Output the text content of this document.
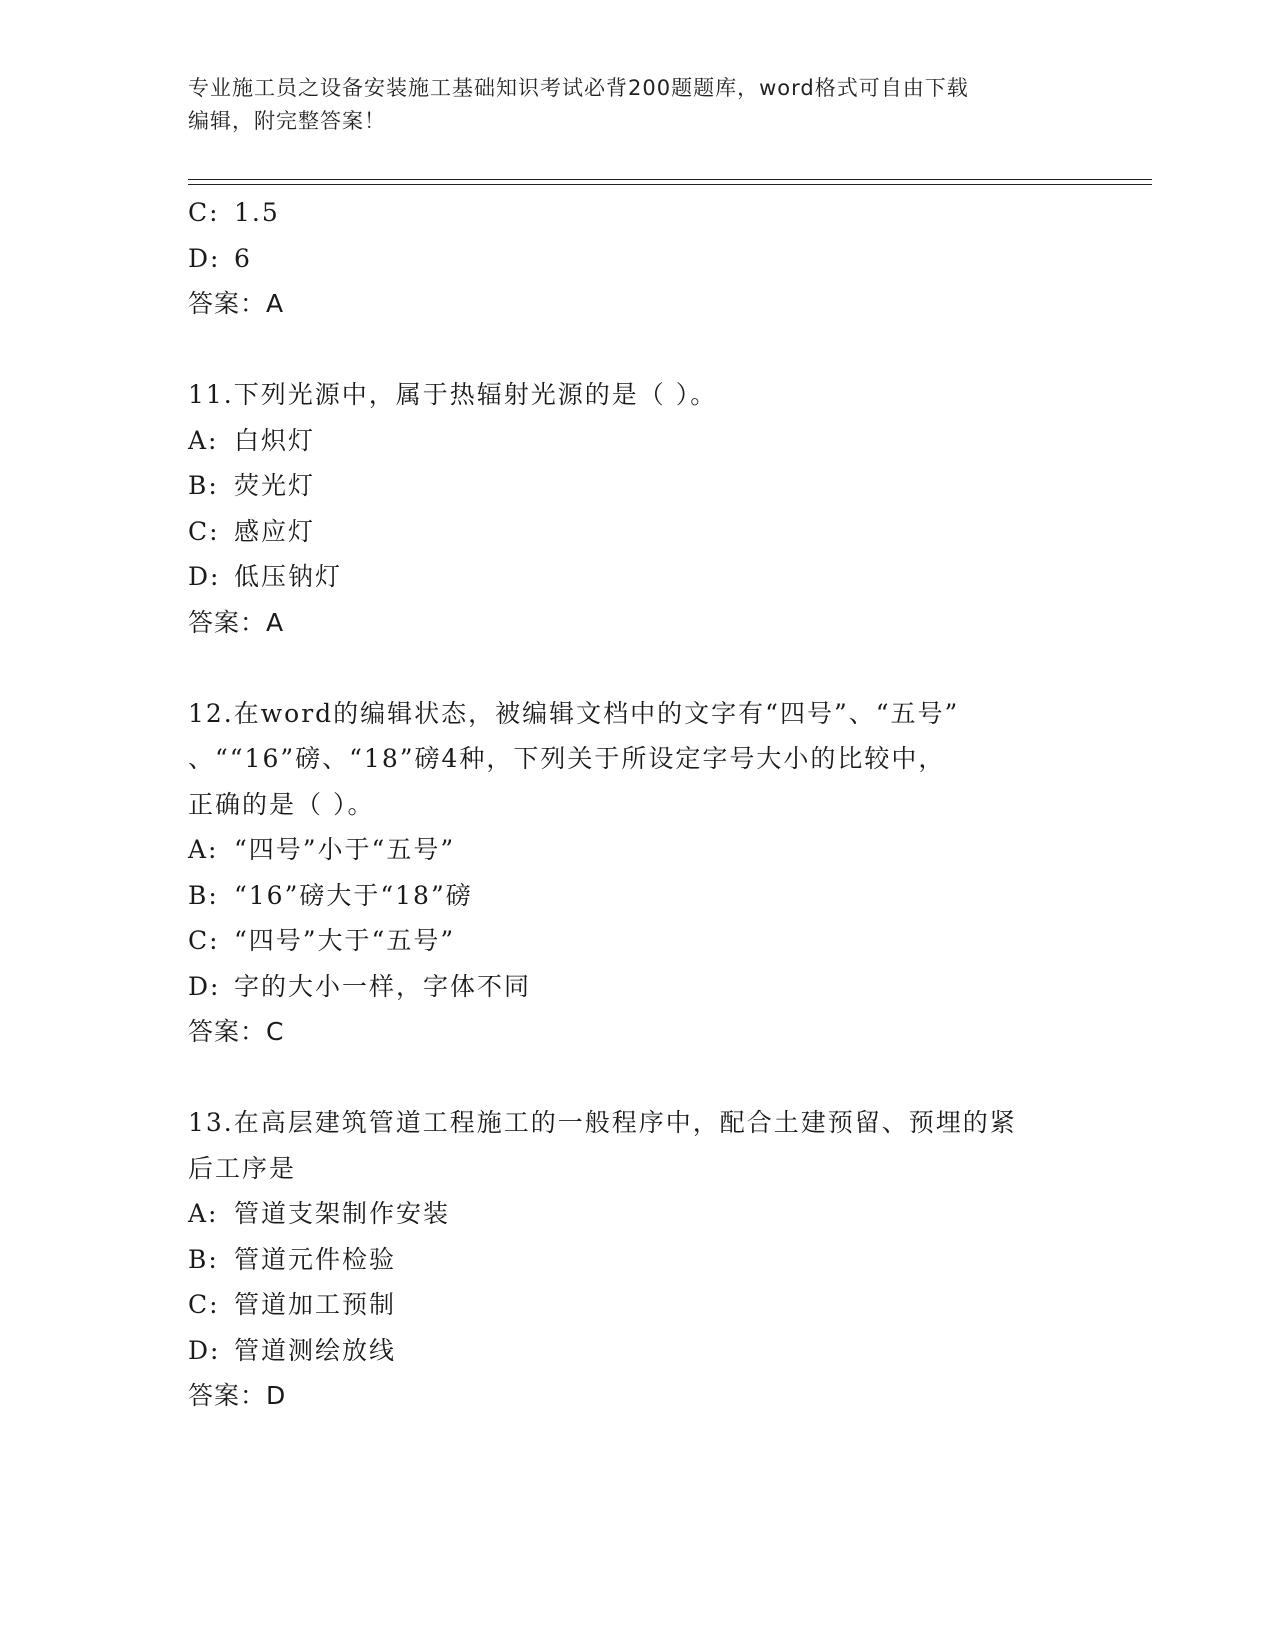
专业施工员之设备安装施工基础知识考试必背200题题库，word格式可自由下载
编辑，附完整答案！
C: 1.5
D: 6
答案：A
11.下列光源中，属于热辐射光源的是（ ）。
A: 白炽灯
B: 荧光灯
C: 感应灯
D: 低压钠灯
答案：A
12.在word的编辑状态，被编辑文档中的文字有“四号”、“五号”
、““16”磅、“18”磅4种，下列关于所设定字号大小的比较中，
正确的是（ ）。
A: “四号”小于“五号”
B: “16”磅大于“18”磅
C: “四号”大于“五号”
D: 字的大小一样，字体不同
答案：C
13.在高层建筑管道工程施工的一般程序中，配合土建预留、预埋的紧
后工序是
A: 管道支架制作安装
B: 管道元件检验
C: 管道加工预制
D: 管道测绘放线
答案：D
